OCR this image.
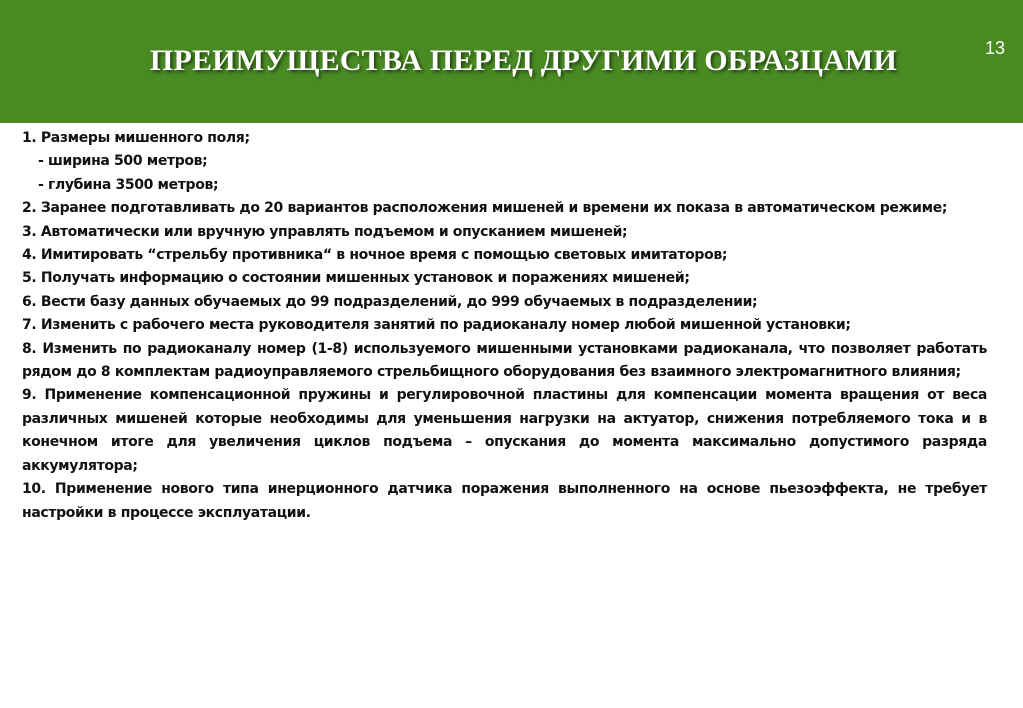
ПРЕИМУЩЕСТВА ПЕРЕД ДРУГИМИ ОБРАЗЦАМИ	13

1. Размеры мишенного поля;

- ширина 500 метров;

- глубина 3500 метров;

2. Заранее подготавливать до 20 вариантов расположения мишеней и времени их показа в автоматическом режиме;

3. Автоматически или вручную управлять подъемом и опусканием мишеней;

4. Имитировать “стрельбу противника“ в ночное время с помощью световых имитаторов;

5. Получать информацию о состоянии мишенных установок и поражениях мишеней;

6. Вести базу данных обучаемых до 99 подразделений, до 999 обучаемых в подразделении;

7. Изменить с рабочего места руководителя занятий по радиоканалу номер любой мишенной установки;

8. Изменить по радиоканалу номер (1-8) используемого мишенными установками радиоканала, что позволяет работать рядом до 8 комплектам радиоуправляемого стрельбищного оборудования без взаимного электромагнитного влияния;

9. Применение компенсационной пружины и регулировочной пластины для компенсации момента вращения от веса различных мишеней которые необходимы для уменьшения нагрузки на актуатор, снижения потребляемого тока и в конечном итоге для увеличения циклов подъема – опускания до момента максимально допустимого разряда аккумулятора;

10. Применение нового типа инерционного датчика поражения выполненного на основе пьезоэффекта, не требует настройки в процессе эксплуатации.
